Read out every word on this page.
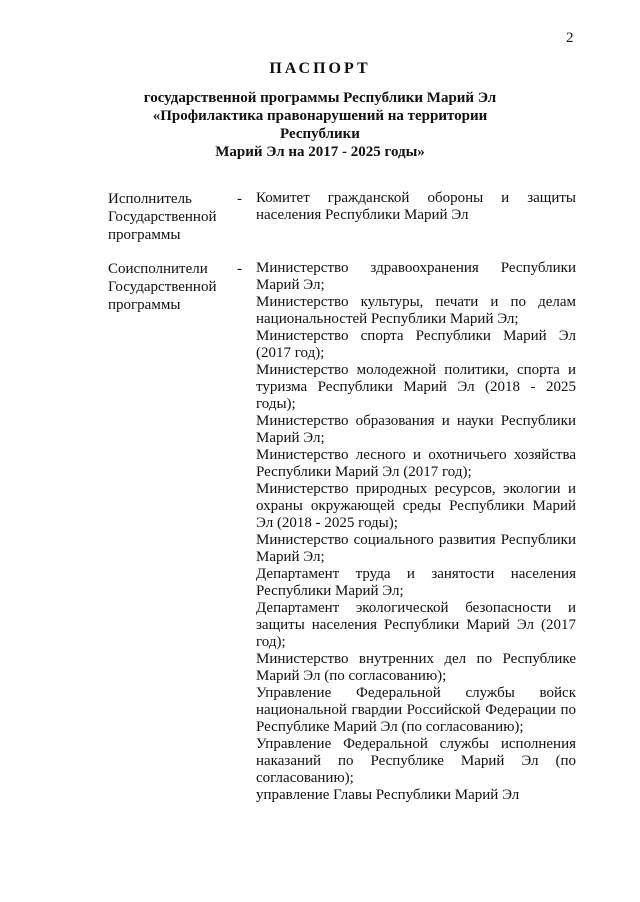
2
ПАСПОРТ
государственной программы Республики Марий Эл
«Профилактика правонарушений на территории Республики
Марий Эл на 2017 - 2025 годы»
Исполнитель Государственной программы
- Комитет гражданской обороны и защиты населения Республики Марий Эл

Соисполнители Государственной программы
- Министерство здравоохранения Республики Марий Эл;

Министерство культуры, печати и по делам национальностей Республики Марий Эл;

Министерство спорта Республики Марий Эл (2017 год);

Министерство молодежной политики, спорта и туризма Республики Марий Эл (2018 - 2025 годы);

Министерство образования и науки Республики Марий Эл;

Министерство лесного и охотничьего хозяйства Республики Марий Эл (2017 год);

Министерство природных ресурсов, экологии и охраны окружающей среды Республики Марий Эл (2018 - 2025 годы);

Министерство социального развития Республики Марий Эл;

Департамент труда и занятости населения Республики Марий Эл;

Департамент экологической безопасности и защиты населения Республики Марий Эл (2017 год);

Министерство внутренних дел по Республике Марий Эл (по согласованию);

Управление Федеральной службы войск национальной гвардии Российской Федерации по Республике Марий Эл (по согласованию);

Управление Федеральной службы исполнения наказаний по Республике Марий Эл (по согласованию);

управление Главы Республики Марий Эл
